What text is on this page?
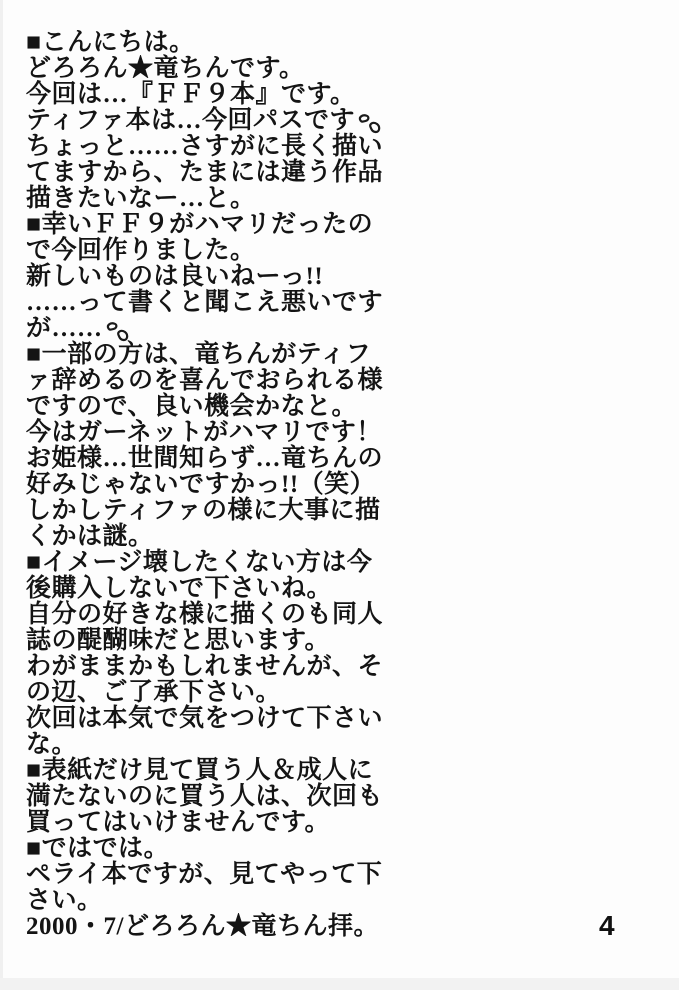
■こんにちは。
どろろん★竜ちんです。
今回は…『ＦＦ９本』です。
ティファ本は…今回パスです
ちょっと……さすがに長く描い
てますから、たまには違う作品
描きたいなー…と。
■幸いＦＦ９がハマリだったの
で今回作りました。
新しいものは良いねーっ!!
……って書くと聞こえ悪いです
が……
■一部の方は、竜ちんがティフ
ァ辞めるのを喜んでおられる様
ですので、良い機会かなと。
今はガーネットがハマリです！
お姫様…世間知らず…竜ちんの
好みじゃないですかっ!!（笑）
しかしティファの様に大事に描
くかは謎。
■イメージ壊したくない方は今
後購入しないで下さいね。
自分の好きな様に描くのも同人
誌の醍醐味だと思います。
わがままかもしれませんが、そ
の辺、ご了承下さい。
次回は本気で気をつけて下さい
な。
■表紙だけ見て買う人＆成人に
満たないのに買う人は、次回も
買ってはいけませんです。
■ではでは。
ペライ本ですが、見てやって下
さい。
2000・7/どろろん★竜ちん拝。	4
